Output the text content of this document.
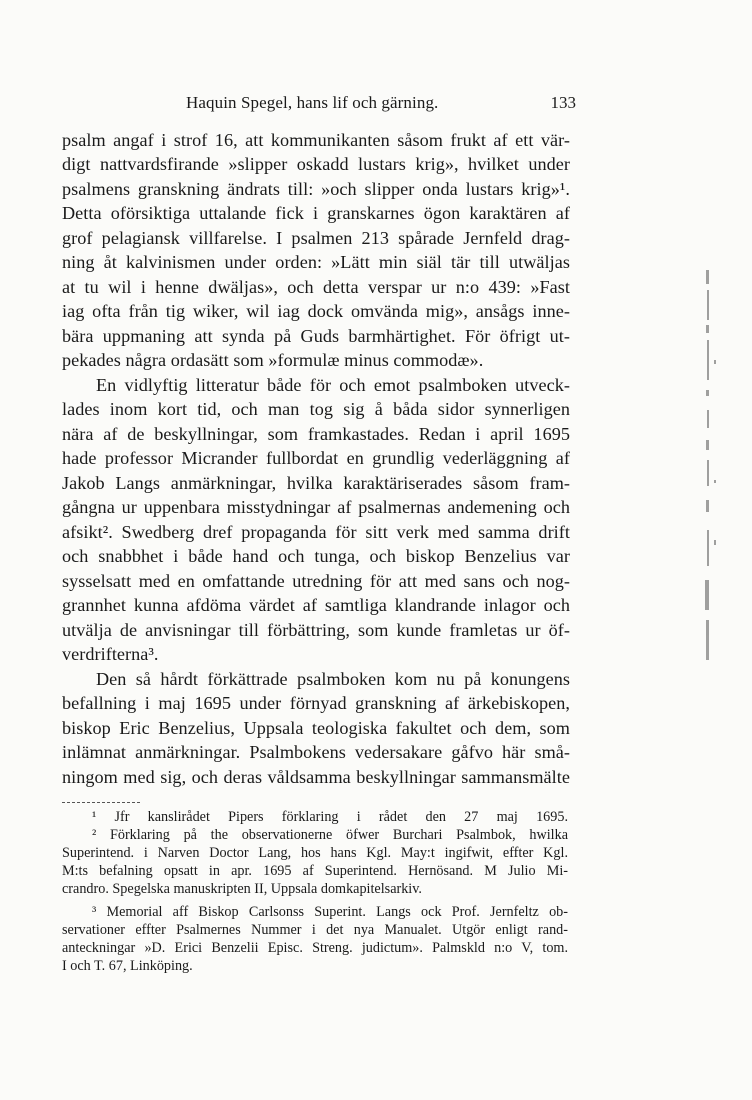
Haquin Spegel, hans lif och gärning.	133
psalm angaf i strof 16, att kommunikanten såsom frukt af ett vär-
digt nattvardsfirande »slipper oskadd lustars krig», hvilket under
psalmens granskning ändrats till: »och slipper onda lustars krig»¹.
Detta oförsiktiga uttalande fick i granskarnes ögon karaktären af
grof pelagiansk villfarelse. I psalmen 213 spårade Jernfeld drag-
ning åt kalvinismen under orden: »Lätt min siäl tär till utwäljas
at tu wil i henne dwäljas», och detta verspar ur n:o 439: »Fast
iag ofta från tig wiker, wil iag dock omvända mig», ansågs inne-
bära uppmaning att synda på Guds barmhärtighet. För öfrigt ut-
pekades några ordasätt som »formulæ minus commodæ».
En vidlyftig litteratur både för och emot psalmboken utveck-
lades inom kort tid, och man tog sig å båda sidor synnerligen
nära af de beskyllningar, som framkastades. Redan i april 1695
hade professor Micrander fullbordat en grundlig vederläggning af
Jakob Langs anmärkningar, hvilka karaktäriserades såsom fram-
gångna ur uppenbara misstydningar af psalmernas andemening och
afsikt². Swedberg dref propaganda för sitt verk med samma drift
och snabbhet i både hand och tunga, och biskop Benzelius var
sysselsatt med en omfattande utredning för att med sans och nog-
grannhet kunna afdöma värdet af samtliga klandrande inlagor och
utvälja de anvisningar till förbättring, som kunde framletas ur öf-
verdrifterna³.
Den så hårdt förkättrade psalmboken kom nu på konungens
befallning i maj 1695 under förnyad granskning af ärkebiskopen,
biskop Eric Benzelius, Uppsala teologiska fakultet och dem, som
inlämnat anmärkningar. Psalmbokens vedersakare gåfvo här små-
ningom med sig, och deras våldsamma beskyllningar sammansmälte
¹ Jfr kanslirådet Pipers förklaring i rådet den 27 maj 1695.
² Förklaring på the observationerne öfwer Burchari Psalmbok, hwilka
Superintend. i Narven Doctor Lang, hos hans Kgl. May:t ingifwit, effter Kgl.
M:ts befalning opsatt in apr. 1695 af Superintend. Hernösand. M Julio Mi-
crandro. Spegelska manuskripten II, Uppsala domkapitelsarkiv.
³ Memorial aff Biskop Carlsonss Superint. Langs ock Prof. Jernfeltz ob-
servationer effter Psalmernes Nummer i det nya Manualet. Utgör enligt rand-
anteckningar »D. Erici Benzelii Episc. Streng. judictum». Palmskld n:o V, tom.
I och T. 67, Linköping.
